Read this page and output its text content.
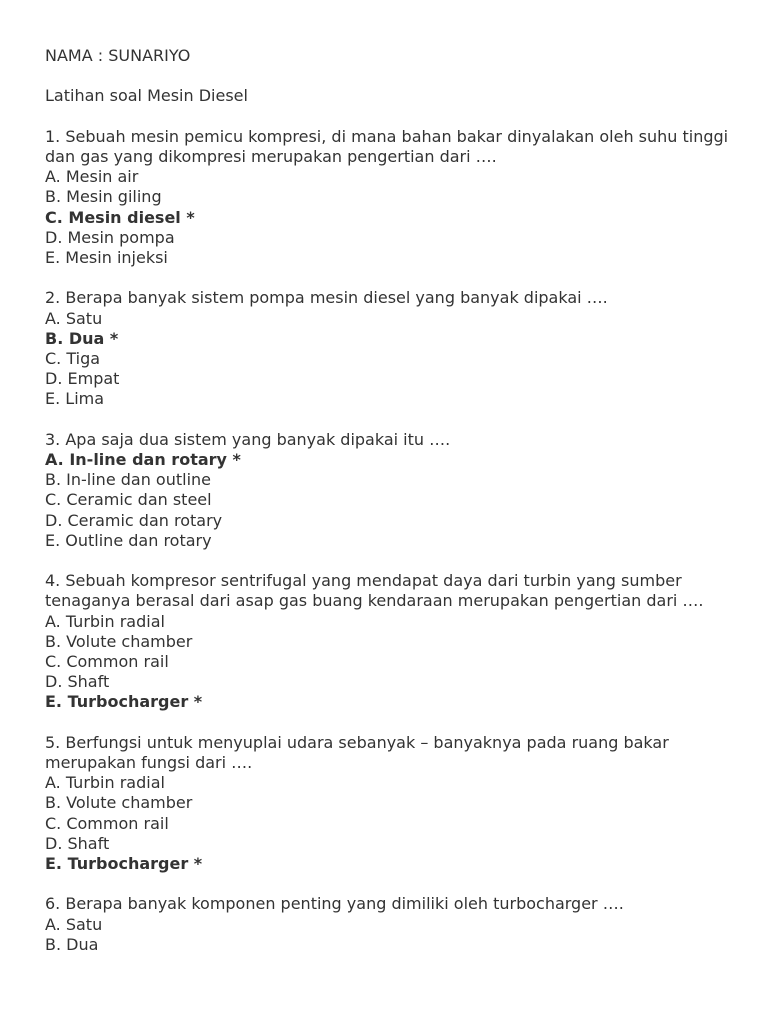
NAMA : SUNARIYO
Latihan soal Mesin Diesel
1. Sebuah mesin pemicu kompresi, di mana bahan bakar dinyalakan oleh suhu tinggi dan gas yang dikompresi merupakan pengertian dari ….
A. Mesin air
B. Mesin giling
C. Mesin diesel *
D. Mesin pompa
E. Mesin injeksi
2. Berapa banyak sistem pompa mesin diesel yang banyak dipakai ….
A. Satu
B. Dua *
C. Tiga
D. Empat
E. Lima
3. Apa saja dua sistem yang banyak dipakai itu ….
A. In-line dan rotary *
B. In-line dan outline
C. Ceramic dan steel
D. Ceramic dan rotary
E. Outline dan rotary
4. Sebuah kompresor sentrifugal yang mendapat daya dari turbin yang sumber tenaganya berasal dari asap gas buang kendaraan merupakan pengertian dari ….
A. Turbin radial
B. Volute chamber
C. Common rail
D. Shaft
E. Turbocharger *
5. Berfungsi untuk menyuplai udara sebanyak – banyaknya pada ruang bakar merupakan fungsi dari ….
A. Turbin radial
B. Volute chamber
C. Common rail
D. Shaft
E. Turbocharger *
6. Berapa banyak komponen penting yang dimiliki oleh turbocharger ….
A. Satu
B. Dua
